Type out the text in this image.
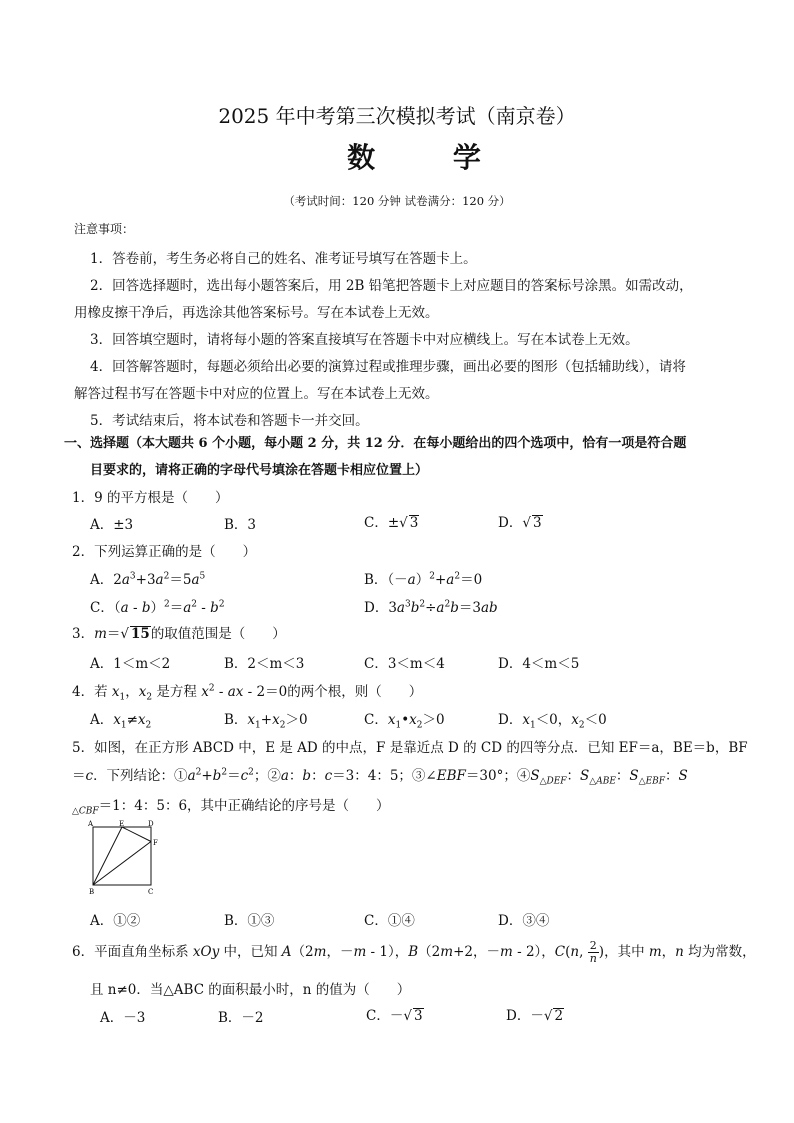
2025 年中考第三次模拟考试（南京卷）
数 学
（考试时间：120 分钟 试卷满分：120 分）
注意事项：
1．答卷前，考生务必将自己的姓名、准考证号填写在答题卡上。
2．回答选择题时，选出每小题答案后，用 2B 铅笔把答题卡上对应题目的答案标号涂黑。如需改动，
用橡皮擦干净后，再选涂其他答案标号。写在本试卷上无效。
3．回答填空题时，请将每小题的答案直接填写在答题卡中对应横线上。写在本试卷上无效。
4．回答解答题时，每题必须给出必要的演算过程或推理步骤，画出必要的图形（包括辅助线），请将
解答过程书写在答题卡中对应的位置上。写在本试卷上无效。
5．考试结束后，将本试卷和答题卡一并交回。
一、选择题（本大题共 6 个小题，每小题 2 分，共 12 分．在每小题给出的四个选项中，恰有一项是符合题
目要求的，请将正确的字母代号填涂在答题卡相应位置上）
1．9 的平方根是（　　）
A．±3	B．3	C．±√ 3	D．√ 3
2．下列运算正确的是（　　）
A．$2a^3+3a^2=5a^5$	B．$(-a)^2+a^2=0$
C．$(a - b)^2=a^2 - b^2$	D．$3a^3b^2\div a^2b=3ab$
3．m＝√ 15的取值范围是（　　）
A．1＜m＜2	B．2＜m＜3	C．3＜m＜4	D．4＜m＜5
4．若 $x_1$，$x_2$ 是方程 $x^2$ - ax - 2＝0的两个根，则（　　）
A．$x_1\ne x_2$	B．$x_1+x_2>0$	C．$x_1•x_2>0$	D．$x_1<0$，$x_2<0$
5．如图，在正方形 ABCD 中，E 是 AD 的中点，F 是靠近点 D 的 CD 的四等分点．已知 EF＝a，BE＝b，BF
＝c．下列结论：$①a^2+b^2=c^2$；②a：b：c＝3：4：5；③∠EBF＝30°；$④S_{\triangle DEF}$：$S_{\triangle ABE}$：$S_{\triangle EBF}$：S
$_{\triangle CBF}$＝1：4：5：6，其中正确结论的序号是（　　）
A	E	D
F
B	C
A．①②	B．①③	C．①④	D．③④
6．平面直角坐标系 xOy 中，已知 A（2m，－m - 1），B（2m+2，－m - 2），C(n, $\frac{2}{n}$ )，其中 m，n 均为常数，
且 n≠0．当△ABC 的面积最小时，n 的值为（　　）
A．－3	B．－2	C．－√ 3	D．－√ 2
